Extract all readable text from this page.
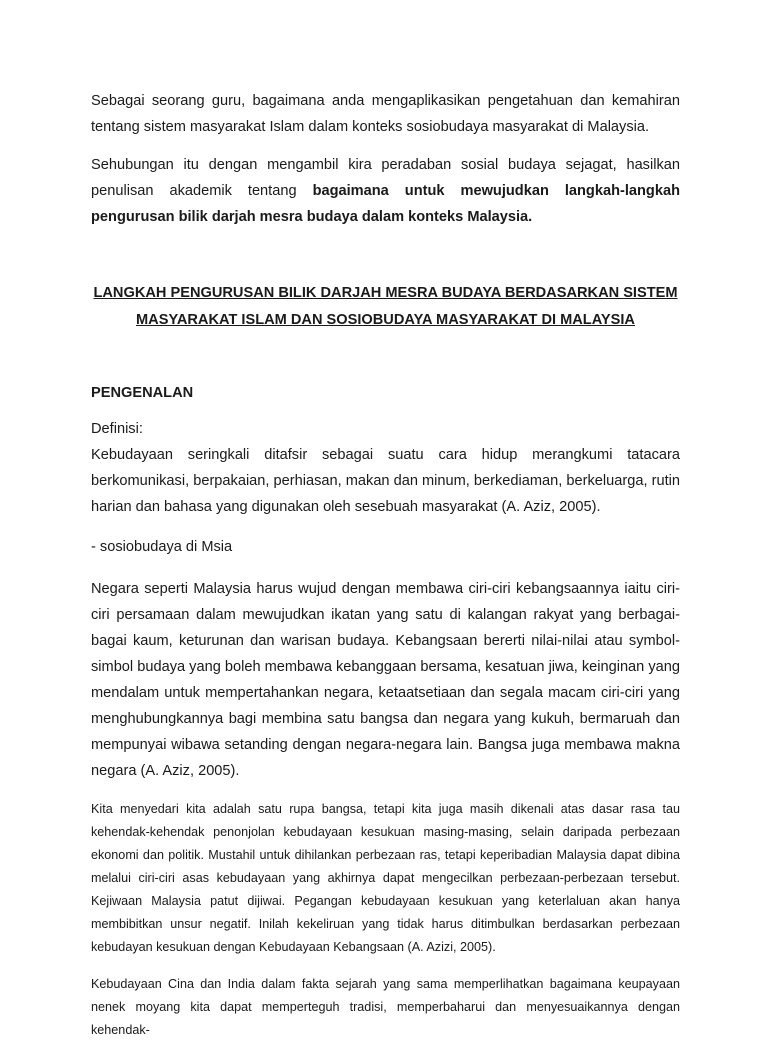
Sebagai seorang guru, bagaimana anda mengaplikasikan pengetahuan dan kemahiran tentang sistem masyarakat Islam dalam konteks sosiobudaya masyarakat di Malaysia.

Sehubungan itu dengan mengambil kira peradaban sosial budaya sejagat, hasilkan penulisan akademik tentang bagaimana untuk mewujudkan langkah-langkah pengurusan bilik darjah mesra budaya dalam konteks Malaysia.

LANGKAH PENGURUSAN BILIK DARJAH MESRA BUDAYA BERDASARKAN SISTEM MASYARAKAT ISLAM DAN SOSIOBUDAYA MASYARAKAT DI MALAYSIA

PENGENALAN

Definisi:

Kebudayaan seringkali ditafsir sebagai suatu cara hidup merangkumi tatacara berkomunikasi, berpakaian, perhiasan, makan dan minum, berkediaman, berkeluarga, rutin harian dan bahasa yang digunakan oleh sesebuah masyarakat (A. Aziz, 2005).

- sosiobudaya di Msia

Negara seperti Malaysia harus wujud dengan membawa ciri-ciri kebangsaannya iaitu ciri-ciri persamaan dalam mewujudkan ikatan yang satu di kalangan rakyat yang berbagai-bagai kaum, keturunan dan warisan budaya. Kebangsaan bererti nilai-nilai atau symbol-simbol budaya yang boleh membawa kebanggaan bersama, kesatuan jiwa, keinginan yang mendalam untuk mempertahankan negara, ketaatsetiaan dan segala macam ciri-ciri yang menghubungkannya bagi membina satu bangsa dan negara yang kukuh, bermaruah dan mempunyai wibawa setanding dengan negara-negara lain. Bangsa juga membawa makna negara (A. Aziz, 2005).

Kita menyedari kita adalah satu rupa bangsa, tetapi kita juga masih dikenali atas dasar rasa tau kehendak-kehendak penonjolan kebudayaan kesukuan masing-masing, selain daripada perbezaan ekonomi dan politik. Mustahil untuk dihilankan perbezaan ras, tetapi keperibadian Malaysia dapat dibina melalui ciri-ciri asas kebudayaan yang akhirnya dapat mengecilkan perbezaan-perbezaan tersebut. Kejiwaan Malaysia patut dijiwai. Pegangan kebudayaan kesukuan yang keterlaluan akan hanya membibitkan unsur negatif. Inilah kekeliruan yang tidak harus ditimbulkan berdasarkan perbezaan kebudayan kesukuan dengan Kebudayaan Kebangsaan (A. Azizi, 2005).

Kebudayaan Cina dan India dalam fakta sejarah yang sama memperlihatkan bagaimana keupayaan nenek moyang kita dapat memperteguh tradisi, memperbaharui dan menyesuaikannya dengan kehendak-
